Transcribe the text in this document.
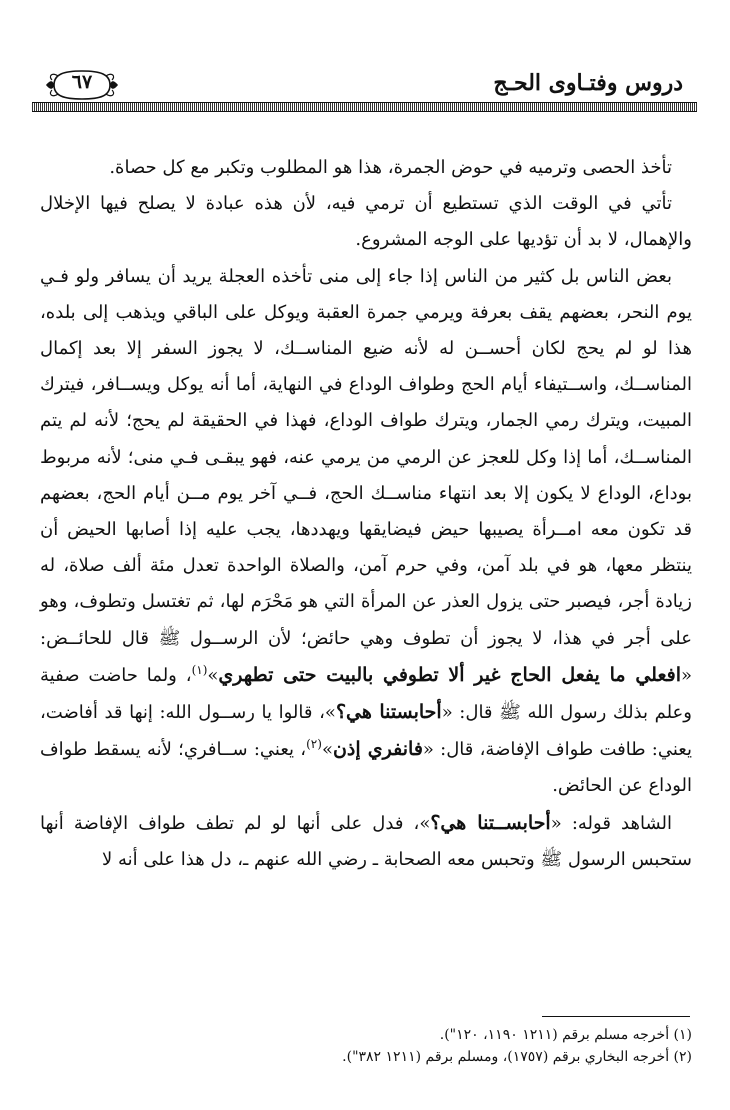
دروس وفتـاوى الحـج
٦٧

تأخذ الحصى وترميه في حوض الجمرة، هذا هو المطلوب وتكبر مع كل حصاة.

تأتي في الوقت الذي تستطيع أن ترمي فيه، لأن هذه عبادة لا يصلح فيها الإخلال والإهمال، لا بد أن تؤديها على الوجه المشروع.

بعض الناس بل كثير من الناس إذا جاء إلى منى تأخذه العجلة يريد أن يسافر ولو فـي يوم النحر، بعضهم يقف بعرفة ويرمي جمرة العقبة ويوكل على الباقي ويذهب إلى بلده، هذا لو لم يحج لكان أحســن له لأنه ضيع المناســك، لا يجوز السفر إلا بعد إكمال المناســك، واســتيفاء أيام الحج وطواف الوداع في النهاية، أما أنه يوكل ويســافر، فيترك المبيت، ويترك رمي الجمار، ويترك طواف الوداع، فهذا في الحقيقة لم يحج؛ لأنه لم يتم المناســك، أما إذا وكل للعجز عن الرمي من يرمي عنه، فهو يبقـى فـي منى؛ لأنه مربوط بوداع، الوداع لا يكون إلا بعد انتهاء مناســك الحج، فــي آخر يوم مــن أيام الحج، بعضهم قد تكون معه امــرأة يصيبها حيض فيضايقها ويهددها، يجب عليه إذا أصابها الحيض أن ينتظر معها، هو في بلد آمن، وفي حرم آمن، والصلاة الواحدة تعدل مئة ألف صلاة، له زيادة أجر، فيصبر حتى يزول العذر عن المرأة التي هو مَحْرَم لها، ثم تغتسل وتطوف، وهو على أجر في هذا، لا يجوز أن تطوف وهي حائض؛ لأن الرســول ﷺ قال للحائــض: «افعلي ما يفعل الحاج غير ألا تطوفي بالبيت حتى تطهري»$^{(١)}$، ولما حاضت صفية وعلم بذلك رسول الله ﷺ قال: «أحابستنا هي؟»، قالوا يا رســول الله: إنها قد أفاضت، يعني: طافت طواف الإفاضة، قال: «فانفري إذن»$^{(٢)}$، يعني: ســافري؛ لأنه يسقط طواف الوداع عن الحائض.

الشاهد قوله: «أحابســتنا هي؟»، فدل على أنها لو لم تطف طواف الإفاضة أنها ستحبس الرسول ﷺ وتحبس معه الصحابة ـ رضي الله عنهم ـ، دل هذا على أنه لا

(١) أخرجه مسلم برقم (١٢١١ ١١٩٠، ١٢٠").
(٢) أخرجه البخاري برقم (١٧٥٧)، ومسلم برقم (١٢١١ ٣٨٢").
